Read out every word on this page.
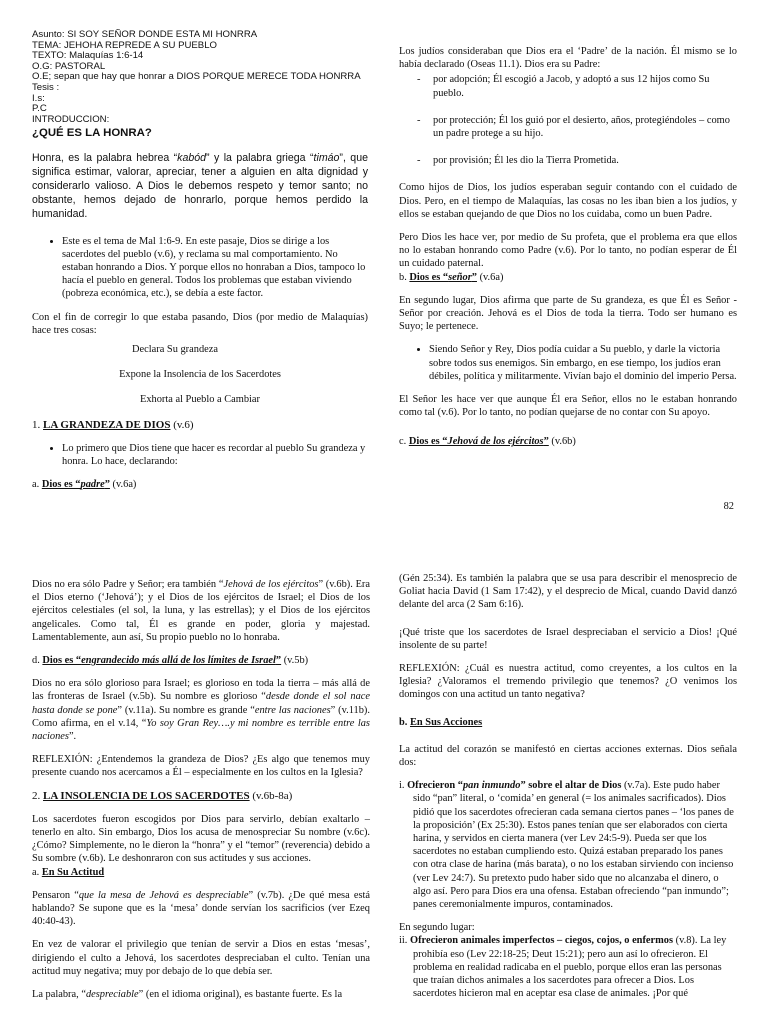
Asunto: SI SOY SEÑOR DONDE ESTA MI HONRRA
TEMA: JEHOHA REPREDE A SU PUEBLO
TEXTO: Malaquías 1:6-14
O.G: PASTORAL
O.E; sepan que hay que honrar a DIOS PORQUE MERECE TODA HONRRA
Tesis :
I.s:
P.C
INTRODUCCION:
¿QUÉ ES LA HONRA?

Honra, es la palabra hebrea “kabód” y la palabra griega “timáo”, que significa estimar, valorar, apreciar, tener a alguien en alta dignidad y considerarlo valioso. A Dios le debemos respeto y temor santo; no obstante, hemos dejado de honrarlo, porque hemos perdido la humanidad.

• Este es el tema de Mal 1:6-9. En este pasaje, Dios se dirige a los sacerdotes del pueblo (v.6), y reclama su mal comportamiento. No estaban honrando a Dios. Y porque ellos no honraban a Dios, tampoco lo hacía el pueblo en general. Todos los problemas que estaban viviendo (pobreza económica, etc.), se debía a este factor.

Con el fin de corregir lo que estaba pasando, Dios (por medio de Malaquías) hace tres cosas:

Declara Su grandeza
Expone la Insolencia de los Sacerdotes
Exhorta al Pueblo a Cambiar
1. LA GRANDEZA DE DIOS (v.6)
• Lo primero que Dios tiene que hacer es recordar al pueblo Su grandeza y honra. Lo hace, declarando:
a. Dios es “padre” (v.6a)

Los judíos consideraban que Dios era el ‘Padre’ de la nación. Él mismo se lo había declarado (Oseas 11.1). Dios era su Padre:

- por adopción; Él escogió a Jacob, y adoptó a sus 12 hijos como Su pueblo.
- por protección; Él los guió por el desierto, años, protegiéndoles – como un padre protege a su hijo.
- por provisión; Él les dio la Tierra Prometida.

Como hijos de Dios, los judíos esperaban seguir contando con el cuidado de Dios. Pero, en el tiempo de Malaquías, las cosas no les iban bien a los judíos, y ellos se estaban quejando de que Dios no los cuidaba, como un buen Padre.

Pero Dios les hace ver, por medio de Su profeta, que el problema era que ellos no lo estaban honrando como Padre (v.6). Por lo tanto, no podían esperar de Él un cuidado paternal.

b. Dios es “señor” (v.6a)

En segundo lugar, Dios afirma que parte de Su grandeza, es que Él es Señor - Señor por creación. Jehová es el Dios de toda la tierra. Todo ser humano es Suyo; le pertenece.

• Siendo Señor y Rey, Dios podía cuidar a Su pueblo, y darle la victoria sobre todos sus enemigos. Sin embargo, en ese tiempo, los judíos eran débiles, política y militarmente. Vivían bajo el dominio del imperio Persa.

El Señor les hace ver que aunque Él era Señor, ellos no le estaban honrando como tal (v.6). Por lo tanto, no podían quejarse de no contar con Su apoyo.

c. Dios es “Jehová de los ejércitos” (v.6b)
82

Dios no era sólo Padre y Señor; era también “Jehová de los ejércitos” (v.6b). Era el Dios eterno (‘Jehová’); y el Dios de los ejércitos de Israel; el Dios de los ejércitos celestiales (el sol, la luna, y las estrellas); y el Dios de los ejércitos angelicales. Como tal, Él es grande en poder, gloria y majestad. Lamentablemente, aun así, Su propio pueblo no lo honraba.

d. Dios es “engrandecido más allá de los límites de Israel” (v.5b)

Dios no era sólo glorioso para Israel; es glorioso en toda la tierra – más allá de las fronteras de Israel (v.5b). Su nombre es glorioso “desde donde el sol nace hasta donde se pone” (v.11a). Su nombre es grande “entre las naciones” (v.11b). Como afirma, en el v.14, “Yo soy Gran Rey….y mi nombre es terrible entre las naciones”.

REFLEXIÓN: ¿Entendemos la grandeza de Dios? ¿Es algo que tenemos muy presente cuando nos acercamos a Él – especialmente en los cultos en la Iglesia?

2. LA INSOLENCIA DE LOS SACERDOTES (v.6b-8a)

Los sacerdotes fueron escogidos por Dios para servirlo, debían exaltarlo – tenerlo en alto. Sin embargo, Dios los acusa de menospreciar Su nombre (v.6c). ¿Cómo? Simplemente, no le dieron la “honra” y el “temor” (reverencia) debido a Su sombre (v.6b). Le deshonraron con sus actitudes y sus acciones.

a. En Su Actitud

Pensaron “que la mesa de Jehová es despreciable” (v.7b). ¿De qué mesa está hablando? Se supone que es la ‘mesa’ donde servían los sacrificios (ver Ezeq 40:40-43).

En vez de valorar el privilegio que tenían de servir a Dios en estas ‘mesas’, dirigiendo el culto a Jehová, los sacerdotes despreciaban el culto. Tenían una actitud muy negativa; muy por debajo de lo que debía ser.

La palabra, “despreciable” (en el idioma original), es bastante fuerte. Es la

(Gén 25:34). Es también la palabra que se usa para describir el menosprecio de Goliat hacia David (1 Sam 17:42), y el desprecio de Mical, cuando David danzó delante del arca (2 Sam 6:16).

¡Qué triste que los sacerdotes de Israel despreciaban el servicio a Dios! ¡Qué insolente de su parte!

REFLEXIÓN: ¿Cuál es nuestra actitud, como creyentes, a los cultos en la Iglesia? ¿Valoramos el tremendo privilegio que tenemos? ¿O venimos los domingos con una actitud un tanto negativa?

b. En Sus Acciones

La actitud del corazón se manifestó en ciertas acciones externas. Dios señala dos:

i. Ofrecieron “pan inmundo” sobre el altar de Dios (v.7a). Este pudo haber sido “pan” literal, o ‘comida’ en general (= los animales sacrificados). Dios pidió que los sacerdotes ofrecieran cada semana ciertos panes – ‘los panes de la proposición’ (Ex 25:30). Estos panes tenían que ser elaborados con cierta harina, y servidos en cierta manera (ver Lev 24:5-9). Pueda ser que los sacerdotes no estaban cumpliendo esto. Quizá estaban preparado los panes con otra clase de harina (más barata), o no los estaban sirviendo con incienso (ver Lev 24:7). Su pretexto pudo haber sido que no alcanzaba el dinero, o algo así. Pero para Dios era una ofensa. Estaban ofreciendo “pan inmundo”; panes ceremonialmente impuros, contaminados.

En segundo lugar:

ii. Ofrecieron animales imperfectos – ciegos, cojos, o enfermos (v.8). La ley prohibía eso (Lev 22:18-25; Deut 15:21); pero aun así lo ofrecieron. El problema en realidad radicaba en el pueblo, porque ellos eran las personas que traían dichos animales a los sacerdotes para ofrecer a Dios. Los sacerdotes hicieron mal en aceptar esa clase de animales. ¡Por qué
